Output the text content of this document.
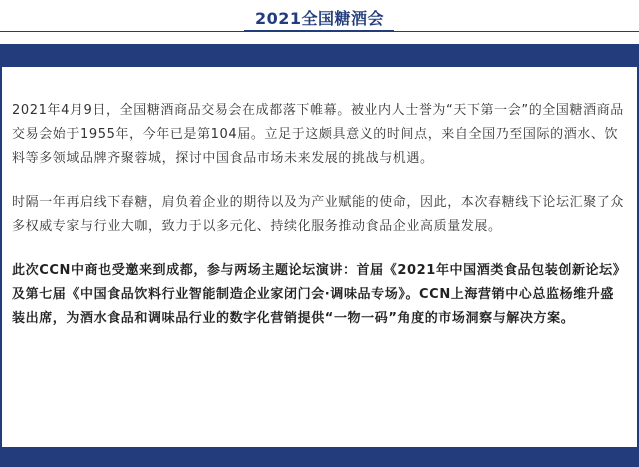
2021全国糖酒会

2021年4月9日，全国糖酒商品交易会在成都落下帷幕。被业内人士誉为“天下第一会”的全国糖酒商品交易会始于1955年，今年已是第104届。立足于这颇具意义的时间点，来自全国乃至国际的酒水、饮料等多领域品牌齐聚蓉城，探讨中国食品市场未来发展的挑战与机遇。

时隔一年再启线下春糖，肩负着企业的期待以及为产业赋能的使命，因此，本次春糖线下论坛汇聚了众多权威专家与行业大咖，致力于以多元化、持续化服务推动食品企业高质量发展。

此次CCN中商也受邀来到成都，参与两场主题论坛演讲：首届《2021年中国酒类食品包装创新论坛》及第七届《中国食品饮料行业智能制造企业家闭门会·调味品专场》。CCN上海营销中心总监杨维升盛装出席，为酒水食品和调味品行业的数字化营销提供“一物一码”角度的市场洞察与解决方案。
